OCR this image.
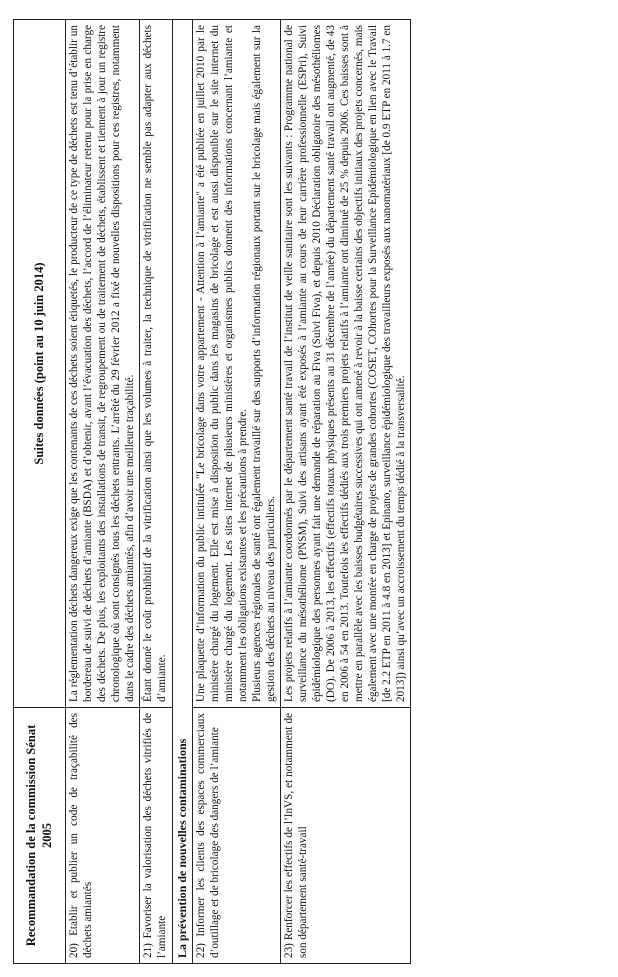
Recommandation de la commission Sénat 2005	Suites données (point au 10 juin 2014)
20) Etablir et publier un code de traçabilité des déchets amiantés	La réglementation déchets dangereux exige que les contenants de ces déchets soient étiquetés, le producteur de ce type de déchets est tenu d’établir un bordereau de suivi de déchets d’amiante (BSDA) et d’obtenir, avant l’évacuation des déchets, l’accord de l’éliminateur retenu pour la prise en charge des déchets. De plus, les exploitants des installations de transit, de regroupement ou de traitement de déchets, établissent et tiennent à jour un registre chronologique où sont consignés tous les déchets entrants. L’arrêté du 29 février 2012 a fixé de nouvelles dispositions pour ces registres, notamment dans le cadre des déchets amiantés, afin d’avoir une meilleure traçabilité.

21) Favoriser la valorisation des déchets vitrifiés de l’amiante	Étant donné le coût prohibitif de la vitrification ainsi que les volumes à traiter, la technique de vitrification ne semble pas adapter aux déchets d’amiante.

La prévention de nouvelles contaminations	
22) Informer les clients des espaces commerciaux d’outillage et de bricolage des dangers de l’amiante	Une plaquette d’information du public intitulée "Le bricolage dans votre appartement - Attention à l’amiante" a été publiée en juillet 2010 par le ministère chargé du logement. Elle est mise à disposition du public dans les magasins de bricolage et est aussi disponible sur le site internet du ministère chargé du logement. Les sites internet de plusieurs ministères et organismes publics donnent des informations concernant l’amiante et notamment les obligations existantes et les précautions à prendre. Plusieurs agences régionales de santé ont également travaillé sur des supports d’information régionaux portant sur le bricolage mais également sur la gestion des déchets au niveau des particuliers.

23) Renforcer les effectifs de l’InVS, et notamment de son département santé-travail	Les projets relatifs à l’amiante coordonnés par le département santé travail de l’institut de veille sanitaire sont les suivants : Programme national de surveillance du mésothéliome (PNSM), Suivi des artisans ayant été exposés à l’amiante au cours de leur carrière professionnelle (ESPri), Suivi épidémiologique des personnes ayant fait une demande de réparation au Fiva (Suivi Fiva), et depuis 2010 Déclaration obligatoire des mésothéliomes (DO). De 2006 à 2013, les effectifs (effectifs totaux physiques présents au 31 décembre de l’année) du département santé travail ont augmenté, de 43 en 2006 à 54 en 2013. Toutefois les effectifs dédiés aux trois premiers projets relatifs à l’amiante ont diminué de 25 % depuis 2006. Ces baisses sont à mettre en parallèle avec les baisses budgétaires successives qui ont amené à revoir à la baisse certains des objectifs initiaux des projets concernés, mais également avec une montée en charge de projets de grandes cohortes (COSET, COhortes pour la Surveillance Epidémiologique en lien avec le Travail [de 2.2 ETP en 2011 à 4.8 en 2013] et Epinano, surveillance épidémiologique des travailleurs exposés aux nanomatériaux [de 0.9 ETP en 2011 à 1.7 en 2013]) ainsi qu’avec un accroissement du temps dédié à la transversalité.
